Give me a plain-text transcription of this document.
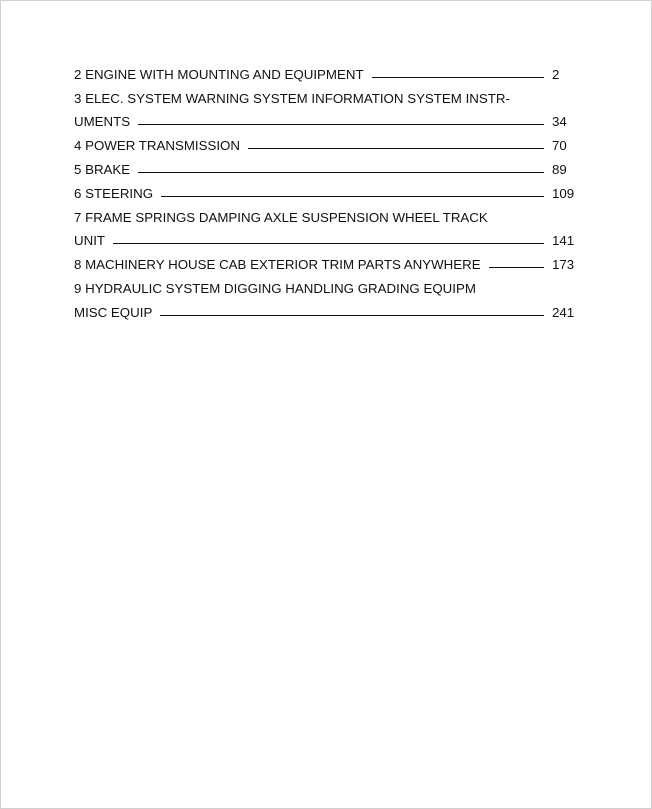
2 ENGINE WITH MOUNTING AND EQUIPMENT	2
3 ELEC. SYSTEM WARNING SYSTEM INFORMATION SYSTEM INSTR-
UMENTS	34
4 POWER TRANSMISSION	70
5 BRAKE	89
6 STEERING	109
7 FRAME SPRINGS DAMPING AXLE SUSPENSION WHEEL TRACK
UNIT	141
8 MACHINERY HOUSE CAB EXTERIOR TRIM PARTS ANYWHERE	173
9 HYDRAULIC SYSTEM DIGGING HANDLING GRADING EQUIPM
MISC EQUIP	241
